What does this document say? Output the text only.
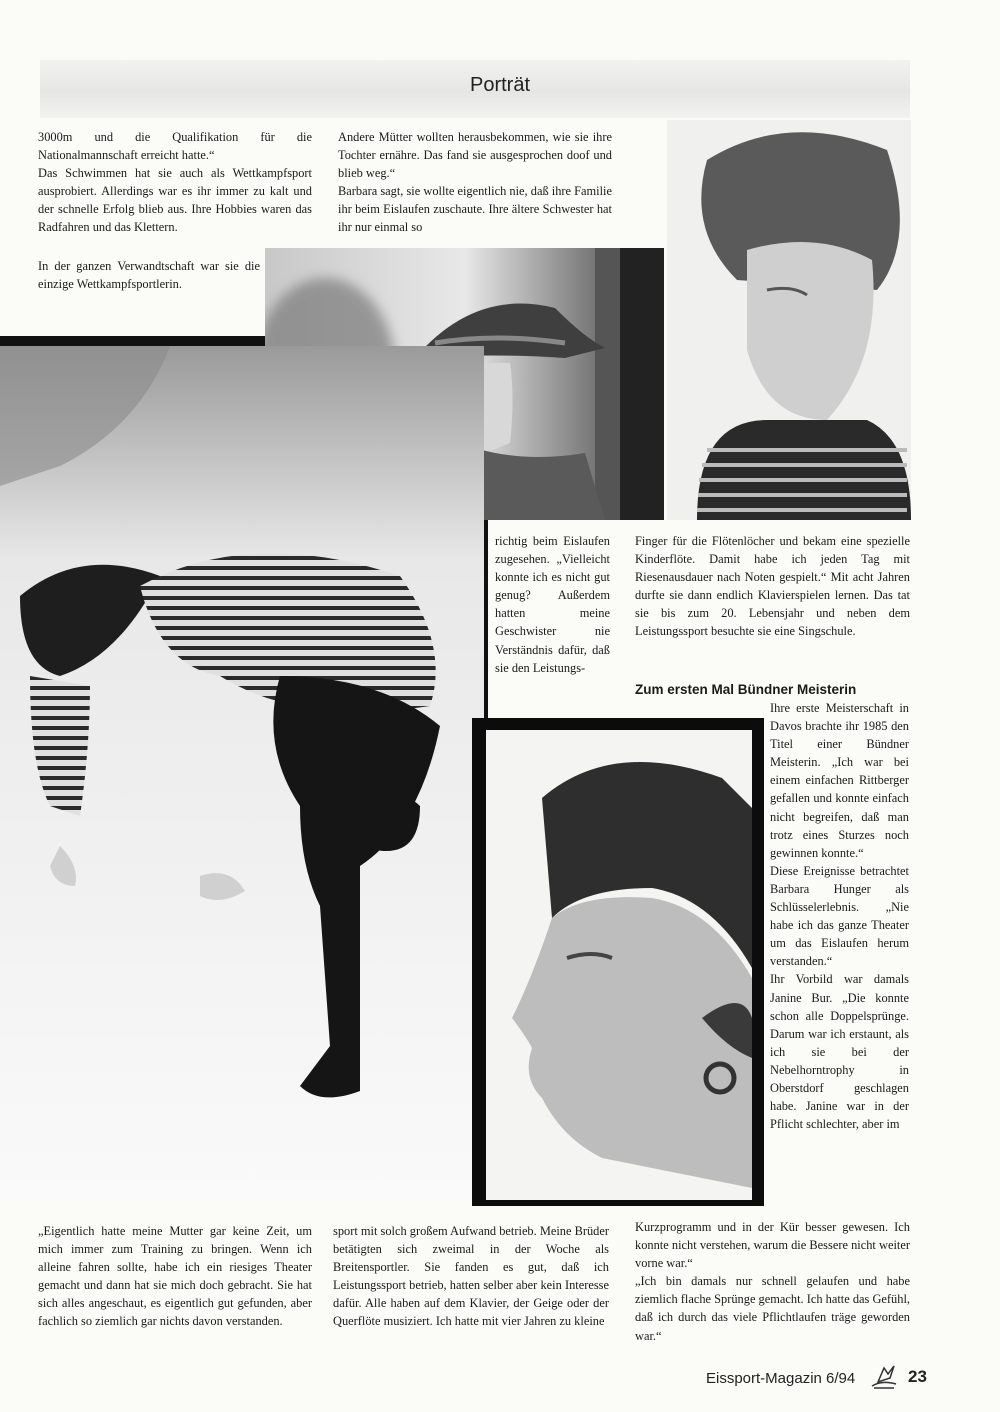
Porträt

3000m und die Qualifikation für die Nationalmannschaft erreicht hatte.“

Das Schwimmen hat sie auch als Wettkampfsport ausprobiert. Allerdings war es ihr immer zu kalt und der schnelle Erfolg blieb aus. Ihre Hobbies waren das Radfahren und das Klettern.

In der ganzen Verwandtschaft war sie die einzige Wettkampfsportlerin.

Andere Mütter wollten herausbekommen, wie sie ihre Tochter ernähre. Das fand sie ausgesprochen doof und blieb weg.“

Barbara sagt, sie wollte eigentlich nie, daß ihre Familie ihr beim Eislaufen zuschaute. Ihre ältere Schwester hat ihr nur einmal so

richtig beim Eislaufen zugesehen. „Vielleicht konnte ich es nicht gut genug? Außerdem hatten meine Geschwister nie Verständnis dafür, daß sie den Leistungs-

Finger für die Flötenlöcher und bekam eine spezielle Kinderflöte. Damit habe ich jeden Tag mit Riesenausdauer nach Noten gespielt.“ Mit acht Jahren durfte sie dann endlich Klavierspielen lernen. Das tat sie bis zum 20. Lebensjahr und neben dem Leistungssport besuchte sie eine Singschule.

Zum ersten Mal Bündner Meisterin

Ihre erste Meisterschaft in Davos brachte ihr 1985 den Titel einer Bündner Meisterin. „Ich war bei einem einfachen Rittberger gefallen und konnte einfach nicht begreifen, daß man trotz eines Sturzes noch gewinnen konnte.“

Diese Ereignisse betrachtet Barbara Hunger als Schlüsselerlebnis. „Nie habe ich das ganze Theater um das Eislaufen herum verstanden.“

Ihr Vorbild war damals Janine Bur. „Die konnte schon alle Doppelsprünge. Darum war ich erstaunt, als ich sie bei der Nebelhorntrophy in Oberstdorf geschlagen habe. Janine war in der Pflicht schlechter, aber im

„Eigentlich hatte meine Mutter gar keine Zeit, um mich immer zum Training zu bringen. Wenn ich alleine fahren sollte, habe ich ein riesiges Theater gemacht und dann hat sie mich doch gebracht. Sie hat sich alles angeschaut, es eigentlich gut gefunden, aber fachlich so ziemlich gar nichts davon verstanden.

sport mit solch großem Aufwand betrieb. Meine Brüder betätigten sich zweimal in der Woche als Breitensportler. Sie fanden es gut, daß ich Leistungssport betrieb, hatten selber aber kein Interesse dafür. Alle haben auf dem Klavier, der Geige oder der Querflöte musiziert. Ich hatte mit vier Jahren zu kleine

Kurzprogramm und in der Kür besser gewesen. Ich konnte nicht verstehen, warum die Bessere nicht weiter vorne war.“

„Ich bin damals nur schnell gelaufen und habe ziemlich flache Sprünge gemacht. Ich hatte das Gefühl, daß ich durch das viele Pflichtlaufen träge geworden war.“

Eissport-Magazin 6/94	23
